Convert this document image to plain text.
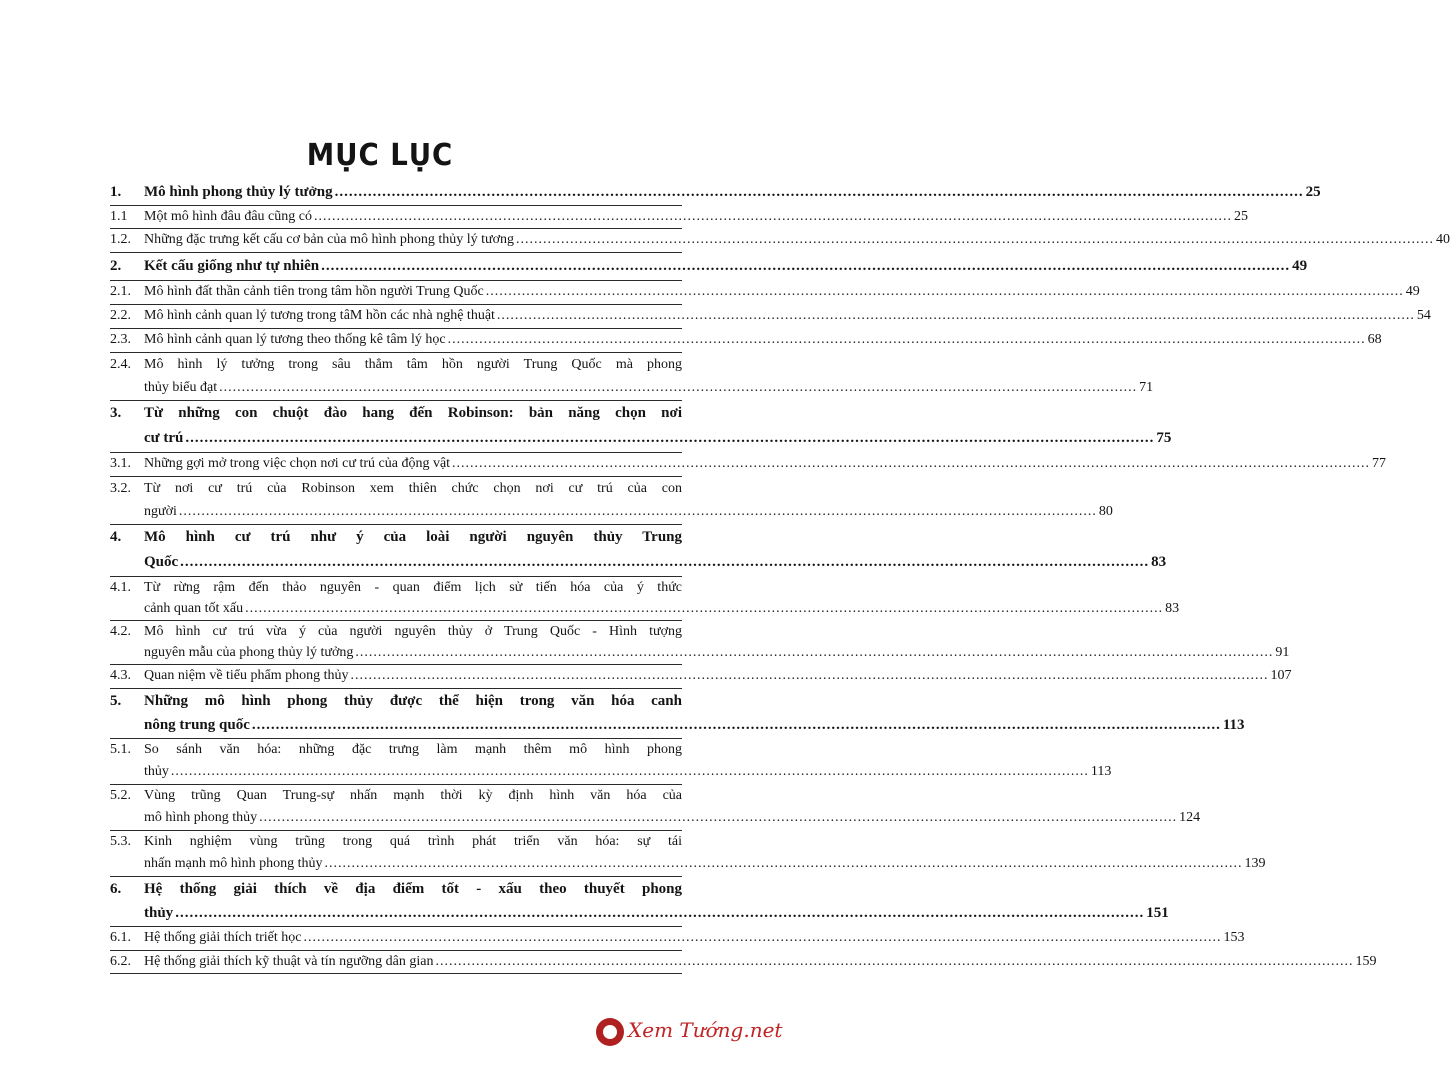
MỤC LỤC
1.	Mô hình phong thủy lý tưởng .....	25
1.1	Một mô hình đâu đâu cũng có .....	25
1.2. Những đặc trưng kết cấu cơ bản của mô hình phong thủy lý tương .....	40
2.	Kết cấu giống như tự nhiên .....	49
2.1. Mô hình đất thần cảnh tiên trong tâm hồn người Trung Quốc .....	49
2.2. Mô hình cảnh quan lý tương trong tâM hồn các nhà nghệ thuật .....	54
2.3. Mô hình cảnh quan lý tương theo thống kê tâm lý học .....	68
2.4. Mô hình lý tưởng trong sâu thẳm tâm hồn người Trung Quốc mà phong
thủy biểu đạt .....	71
3.	Từ những con chuột đào hang đến Robinson: bản năng chọn nơi
cư trú .....	75
3.1. Những gợi mở trong việc chọn nơi cư trú của động vật .....	77
3.2. Từ nơi cư trú của Robinson xem thiên chức chọn nơi cư trú của con
người .....	80
4.	Mô hình cư trú như ý của loài người nguyên thủy Trung
Quốc .....	83
4.1. Từ rừng rậm đến thảo nguyên - quan điểm lịch sử tiến hóa của ý thức
cảnh quan tốt xấu .....	83
4.2. Mô hình cư trú vừa ý của người nguyên thủy ở Trung Quốc - Hình tượng
nguyên mẫu của phong thủy lý tưởng .....	91
4.3. Quan niệm về tiểu phẩm phong thủy .....	107
5.	Những mô hình phong thủy được thể hiện trong văn hóa canh
nông trung quốc .....	113
5.1. So sánh văn hóa: những đặc trưng làm mạnh thêm mô hình phong
thủy .....	113
5.2. Vùng trũng Quan Trung-sự nhấn mạnh thời kỳ định hình văn hóa của
mô hình phong thủy .....	124
5.3. Kinh nghiệm vùng trũng trong quá trình phát triển văn hóa: sự tái
nhấn mạnh mô hình phong thủy .....	139
6.	Hệ thống giải thích về địa điểm tốt - xấu theo thuyết phong
thủy .....	151
6.1. Hệ thống giải thích triết học .....	153
6.2. Hệ thống giải thích kỹ thuật và tín ngưỡng dân gian .....	159
Xem Tướng.net
